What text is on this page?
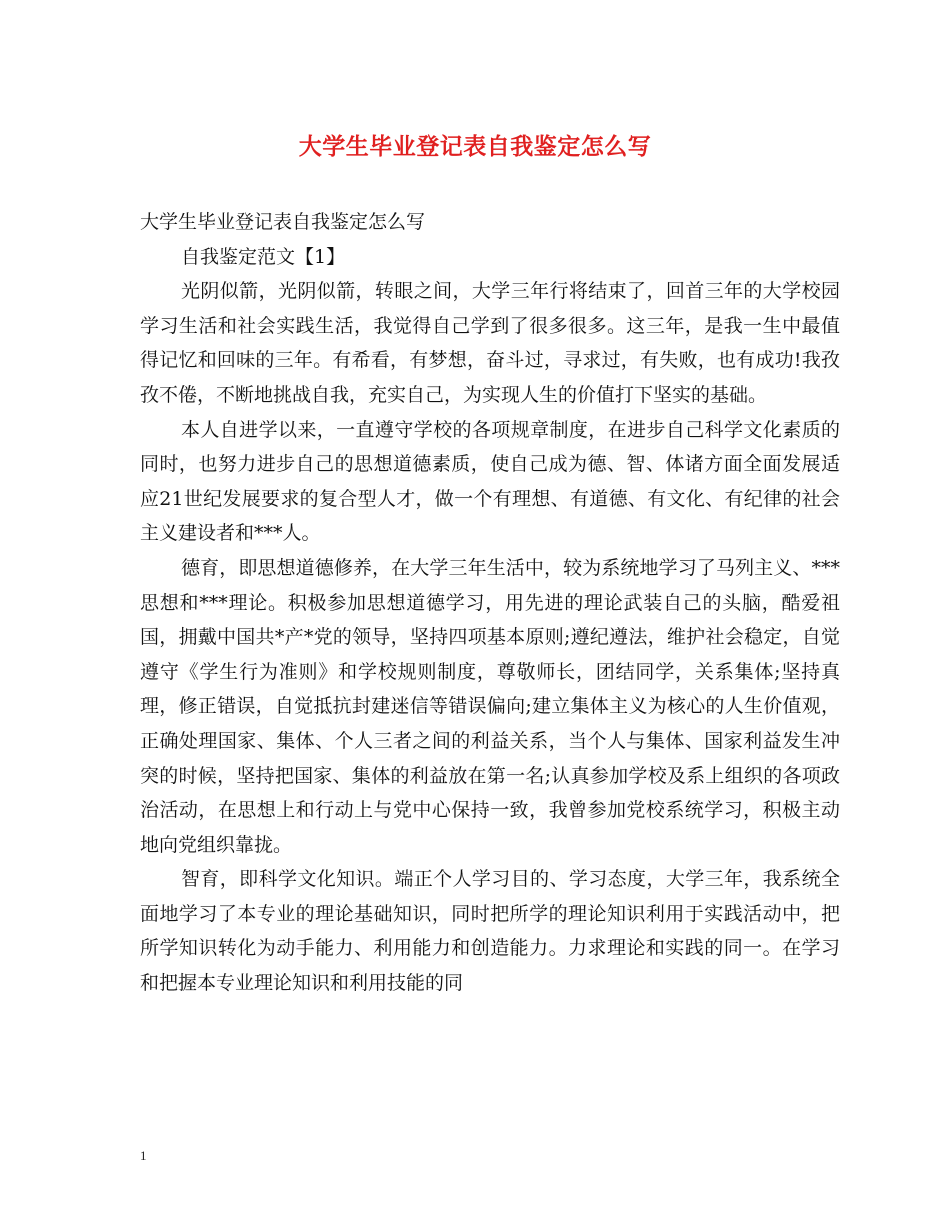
大学生毕业登记表自我鉴定怎么写

大学生毕业登记表自我鉴定怎么写

自我鉴定范文【1】

光阴似箭，光阴似箭，转眼之间，大学三年行将结束了，回首三年的大学校园学习生活和社会实践生活，我觉得自己学到了很多很多。这三年，是我一生中最值得记忆和回味的三年。有希看，有梦想，奋斗过，寻求过，有失败，也有成功!我孜孜不倦，不断地挑战自我，充实自己，为实现人生的价值打下坚实的基础。

本人自进学以来，一直遵守学校的各项规章制度，在进步自己科学文化素质的同时，也努力进步自己的思想道德素质，使自己成为德、智、体诸方面全面发展适应21世纪发展要求的复合型人才，做一个有理想、有道德、有文化、有纪律的社会主义建设者和***人。

德育，即思想道德修养，在大学三年生活中，较为系统地学习了马列主义、***思想和***理论。积极参加思想道德学习，用先进的理论武装自己的头脑，酷爱祖国，拥戴中国共*产*党的领导，坚持四项基本原则;遵纪遵法，维护社会稳定，自觉遵守《学生行为准则》和学校规则制度，尊敬师长，团结同学，关系集体;坚持真理，修正错误，自觉抵抗封建迷信等错误偏向;建立集体主义为核心的人生价值观，正确处理国家、集体、个人三者之间的利益关系，当个人与集体、国家利益发生冲突的时候，坚持把国家、集体的利益放在第一名;认真参加学校及系上组织的各项政治活动，在思想上和行动上与党中心保持一致，我曾参加党校系统学习，积极主动地向党组织靠拢。

智育，即科学文化知识。端正个人学习目的、学习态度，大学三年，我系统全面地学习了本专业的理论基础知识，同时把所学的理论知识利用于实践活动中，把所学知识转化为动手能力、利用能力和创造能力。力求理论和实践的同一。在学习和把握本专业理论知识和利用技能的同

1
